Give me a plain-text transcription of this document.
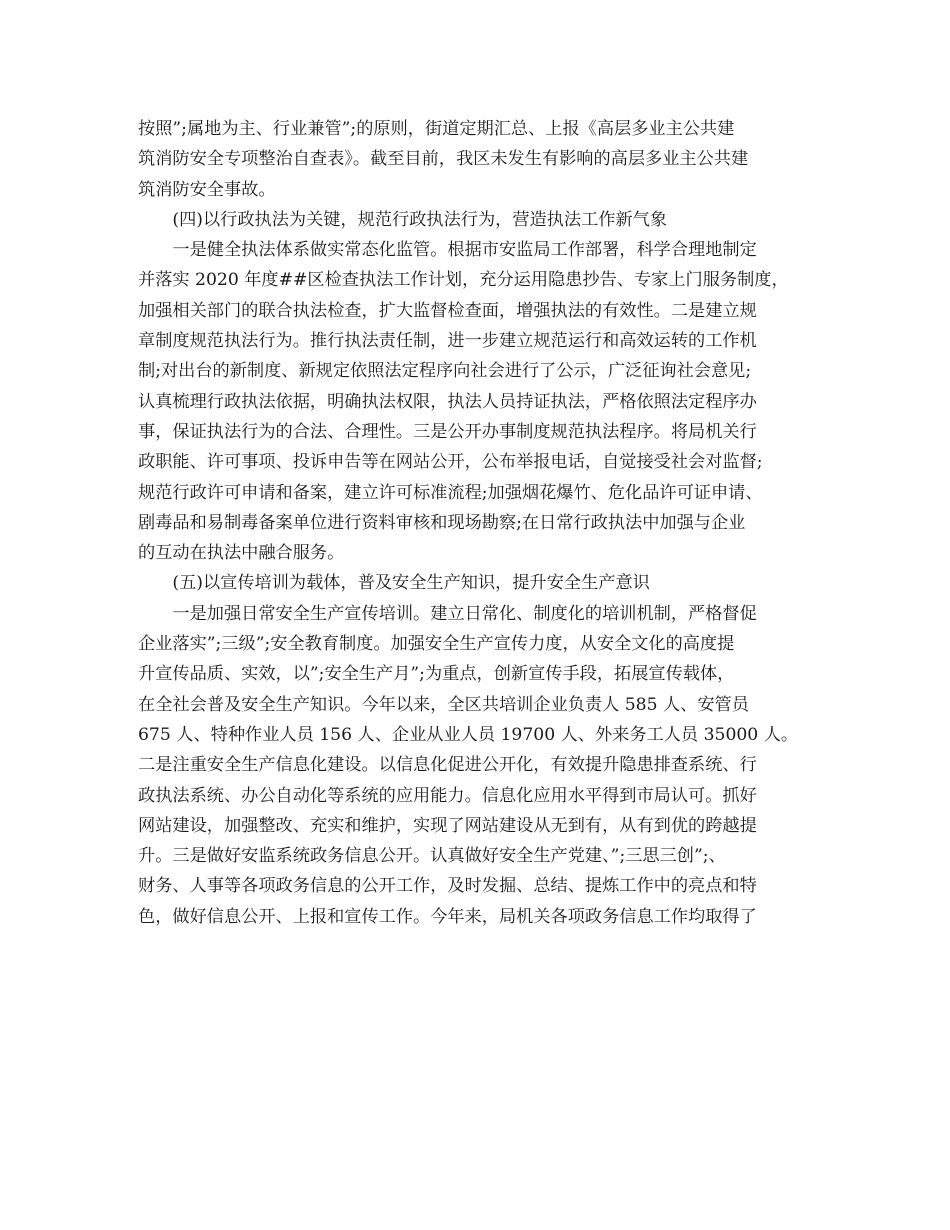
按照”;属地为主、行业兼管”;的原则，街道定期汇总、上报《高层多业主公共建
筑消防安全专项整治自查表》。截至目前，我区未发生有影响的高层多业主公共建
筑消防安全事故。
　　(四)以行政执法为关键，规范行政执法行为，营造执法工作新气象
　　一是健全执法体系做实常态化监管。根据市安监局工作部署，科学合理地制定
并落实 2020 年度##区检查执法工作计划，充分运用隐患抄告、专家上门服务制度，
加强相关部门的联合执法检查，扩大监督检查面，增强执法的有效性。二是建立规
章制度规范执法行为。推行执法责任制，进一步建立规范运行和高效运转的工作机
制;对出台的新制度、新规定依照法定程序向社会进行了公示，广泛征询社会意见;
认真梳理行政执法依据，明确执法权限，执法人员持证执法，严格依照法定程序办
事，保证执法行为的合法、合理性。三是公开办事制度规范执法程序。将局机关行
政职能、许可事项、投诉申告等在网站公开，公布举报电话，自觉接受社会对监督;
规范行政许可申请和备案，建立许可标准流程;加强烟花爆竹、危化品许可证申请、
剧毒品和易制毒备案单位进行资料审核和现场勘察;在日常行政执法中加强与企业
的互动在执法中融合服务。
　　(五)以宣传培训为载体，普及安全生产知识，提升安全生产意识
　　一是加强日常安全生产宣传培训。建立日常化、制度化的培训机制，严格督促
企业落实”;三级”;安全教育制度。加强安全生产宣传力度，从安全文化的高度提
升宣传品质、实效，以”;安全生产月”;为重点，创新宣传手段，拓展宣传载体，
在全社会普及安全生产知识。今年以来，全区共培训企业负责人 585 人、安管员
675 人、特种作业人员 156 人、企业从业人员 19700 人、外来务工人员 35000 人。
二是注重安全生产信息化建设。以信息化促进公开化，有效提升隐患排查系统、行
政执法系统、办公自动化等系统的应用能力。信息化应用水平得到市局认可。抓好
网站建设，加强整改、充实和维护，实现了网站建设从无到有，从有到优的跨越提
升。三是做好安监系统政务信息公开。认真做好安全生产党建、”;三思三创”;、
财务、人事等各项政务信息的公开工作，及时发掘、总结、提炼工作中的亮点和特
色，做好信息公开、上报和宣传工作。今年来，局机关各项政务信息工作均取得了
